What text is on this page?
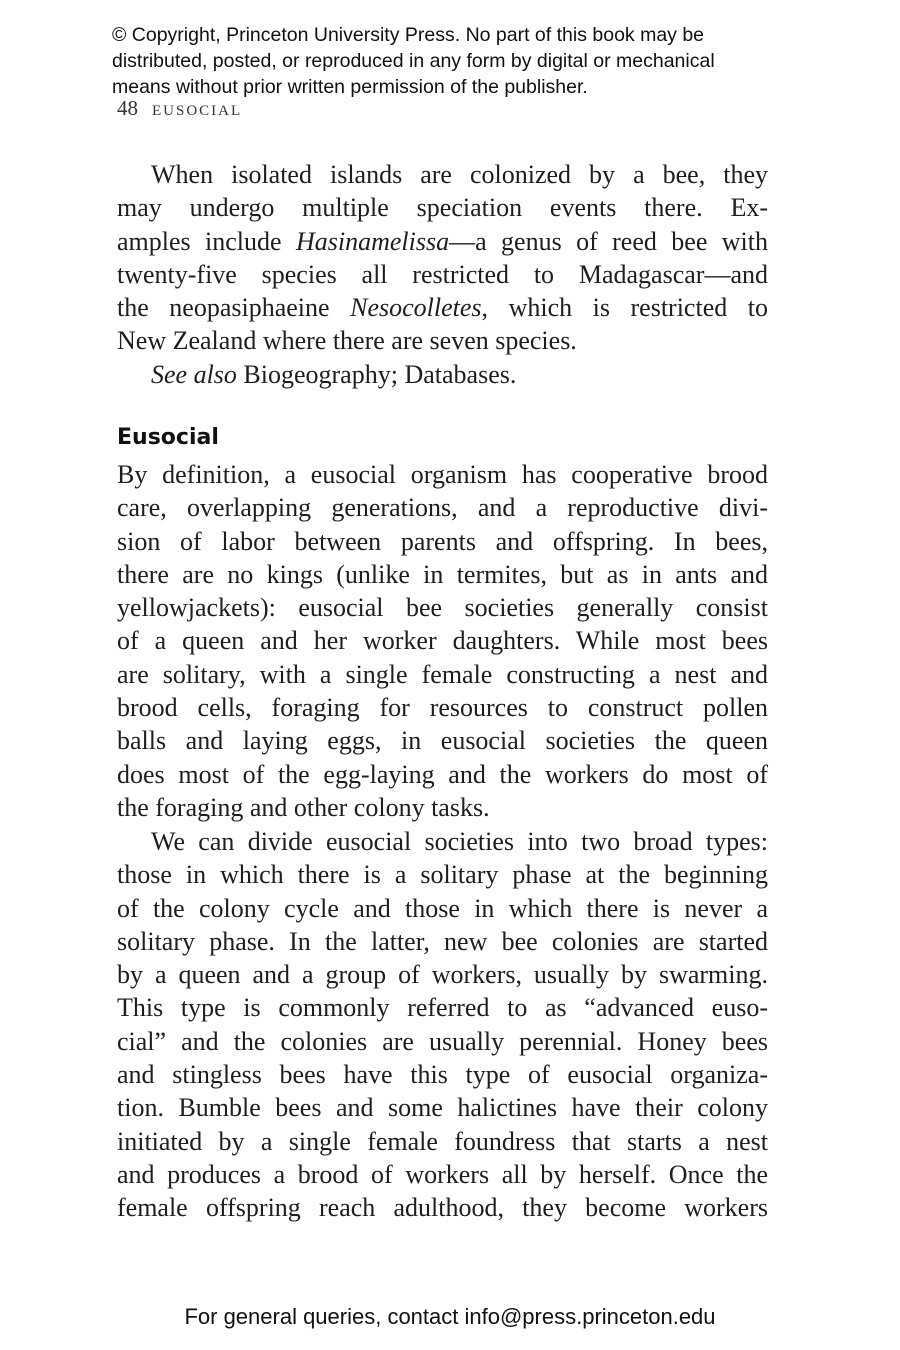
© Copyright, Princeton University Press. No part of this book may be

distributed, posted, or reproduced in any form by digital or mechanical

means without prior written permission of the publisher.

48 EUSOCIAL
When isolated islands are colonized by a bee, they
may undergo multiple speciation events there. Ex-
amples include Hasinamelissa—a genus of reed bee with
twenty-five species all restricted to Madagascar—and
the neopasiphaeine Nesocolletes, which is restricted to
New Zealand where there are seven species.
See also Biogeography; Databases.
Eusocial
By definition, a eusocial organism has cooperative brood
care, overlapping generations, and a reproductive divi-
sion of labor between parents and offspring. In bees,
there are no kings (unlike in termites, but as in ants and
yellowjackets): eusocial bee societies generally consist
of a queen and her worker daughters. While most bees
are solitary, with a single female constructing a nest and
brood cells, foraging for resources to construct pollen
balls and laying eggs, in eusocial societies the queen
does most of the egg-laying and the workers do most of
the foraging and other colony tasks.
We can divide eusocial societies into two broad types:
those in which there is a solitary phase at the beginning
of the colony cycle and those in which there is never a
solitary phase. In the latter, new bee colonies are started
by a queen and a group of workers, usually by swarming.
This type is commonly referred to as “advanced euso-
cial” and the colonies are usually perennial. Honey bees
and stingless bees have this type of eusocial organiza-
tion. Bumble bees and some halictines have their colony
initiated by a single female foundress that starts a nest
and produces a brood of workers all by herself. Once the
female offspring reach adulthood, they become workers
For general queries, contact info@press.princeton.edu
